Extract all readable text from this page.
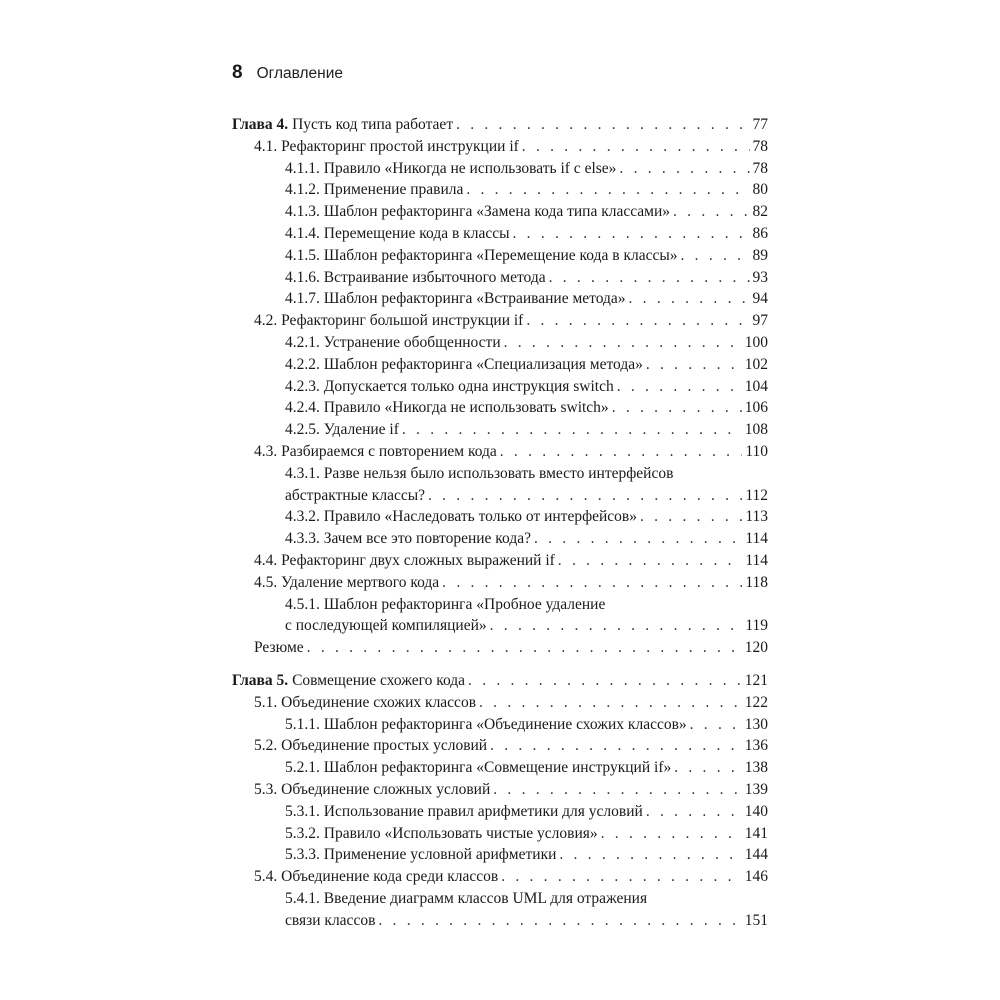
8 Оглавление
Глава 4. Пусть код типа работает . . .	77
4.1. Рефакторинг простой инструкции if . . .	78
4.1.1. Правило «Никогда не использовать if с else» . . .	78
4.1.2. Применение правила . . .	80
4.1.3. Шаблон рефакторинга «Замена кода типа классами» . . .	82
4.1.4. Перемещение кода в классы . . .	86
4.1.5. Шаблон рефакторинга «Перемещение кода в классы» . . .	89
4.1.6. Встраивание избыточного метода . . .	93
4.1.7. Шаблон рефакторинга «Встраивание метода» . . .	94
4.2. Рефакторинг большой инструкции if . . .	97
4.2.1. Устранение обобщенности . . .	100
4.2.2. Шаблон рефакторинга «Специализация метода» . . .	102
4.2.3. Допускается только одна инструкция switch . . .	104
4.2.4. Правило «Никогда не использовать switch» . . .	106
4.2.5. Удаление if . . .	108
4.3. Разбираемся с повторением кода . . .	110
4.3.1. Разве нельзя было использовать вместо интерфейсов
абстрактные классы? . . .	112
4.3.2. Правило «Наследовать только от интерфейсов» . . .	113
4.3.3. Зачем все это повторение кода? . . .	114
4.4. Рефакторинг двух сложных выражений if . . .	114
4.5. Удаление мертвого кода . . .	118
4.5.1. Шаблон рефакторинга «Пробное удаление
с последующей компиляцией» . . .	119
Резюме . . .	120
Глава 5. Совмещение схожего кода . . .	121
5.1. Объединение схожих классов . . .	122
5.1.1. Шаблон рефакторинга «Объединение схожих классов» . . .	130
5.2. Объединение простых условий . . .	136
5.2.1. Шаблон рефакторинга «Совмещение инструкций if» . . .	138
5.3. Объединение сложных условий . . .	139
5.3.1. Использование правил арифметики для условий . . .	140
5.3.2. Правило «Использовать чистые условия» . . .	141
5.3.3. Применение условной арифметики . . .	144
5.4. Объединение кода среди классов . . .	146
5.4.1. Введение диаграмм классов UML для отражения
связи классов . . .	151
